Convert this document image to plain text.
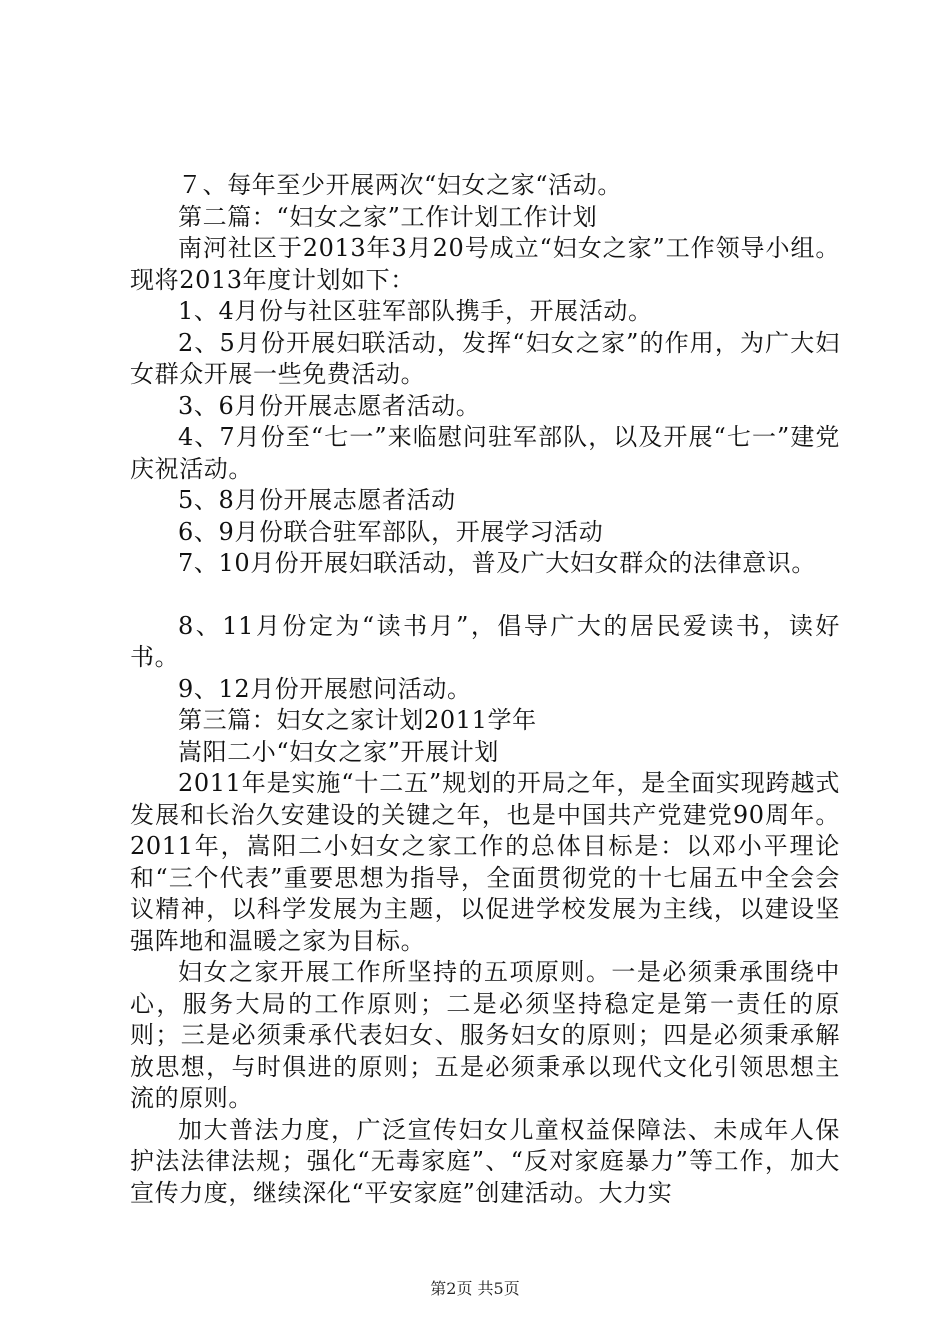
７、每年至少开展两次“妇女之家“活动。

第二篇：“妇女之家”工作计划工作计划

南河社区于2013年3月20号成立“妇女之家”工作领导小组。现将2013年度计划如下：

1、4月份与社区驻军部队携手，开展活动。

2、5月份开展妇联活动，发挥“妇女之家”的作用，为广大妇女群众开展一些免费活动。

3、6月份开展志愿者活动。

4、7月份至“七一”来临慰问驻军部队，以及开展“七一”建党庆祝活动。

5、8月份开展志愿者活动

6、9月份联合驻军部队，开展学习活动

7、10月份开展妇联活动，普及广大妇女群众的法律意识。

8、11月份定为“读书月”，倡导广大的居民爱读书，读好书。

9、12月份开展慰问活动。

第三篇：妇女之家计划2011学年

嵩阳二小“妇女之家”开展计划

2011年是实施“十二五”规划的开局之年，是全面实现跨越式发展和长治久安建设的关键之年，也是中国共产党建党90周年。2011年，嵩阳二小妇女之家工作的总体目标是：以邓小平理论和“三个代表”重要思想为指导，全面贯彻党的十七届五中全会会议精神，以科学发展为主题，以促进学校发展为主线，以建设坚强阵地和温暖之家为目标。

妇女之家开展工作所坚持的五项原则。一是必须秉承围绕中心，服务大局的工作原则；二是必须坚持稳定是第一责任的原则；三是必须秉承代表妇女、服务妇女的原则；四是必须秉承解放思想，与时俱进的原则；五是必须秉承以现代文化引领思想主流的原则。

加大普法力度，广泛宣传妇女儿童权益保障法、未成年人保护法法律法规；强化“无毒家庭”、“反对家庭暴力”等工作，加大宣传力度，继续深化“平安家庭”创建活动。大力实

第2页 共5页
